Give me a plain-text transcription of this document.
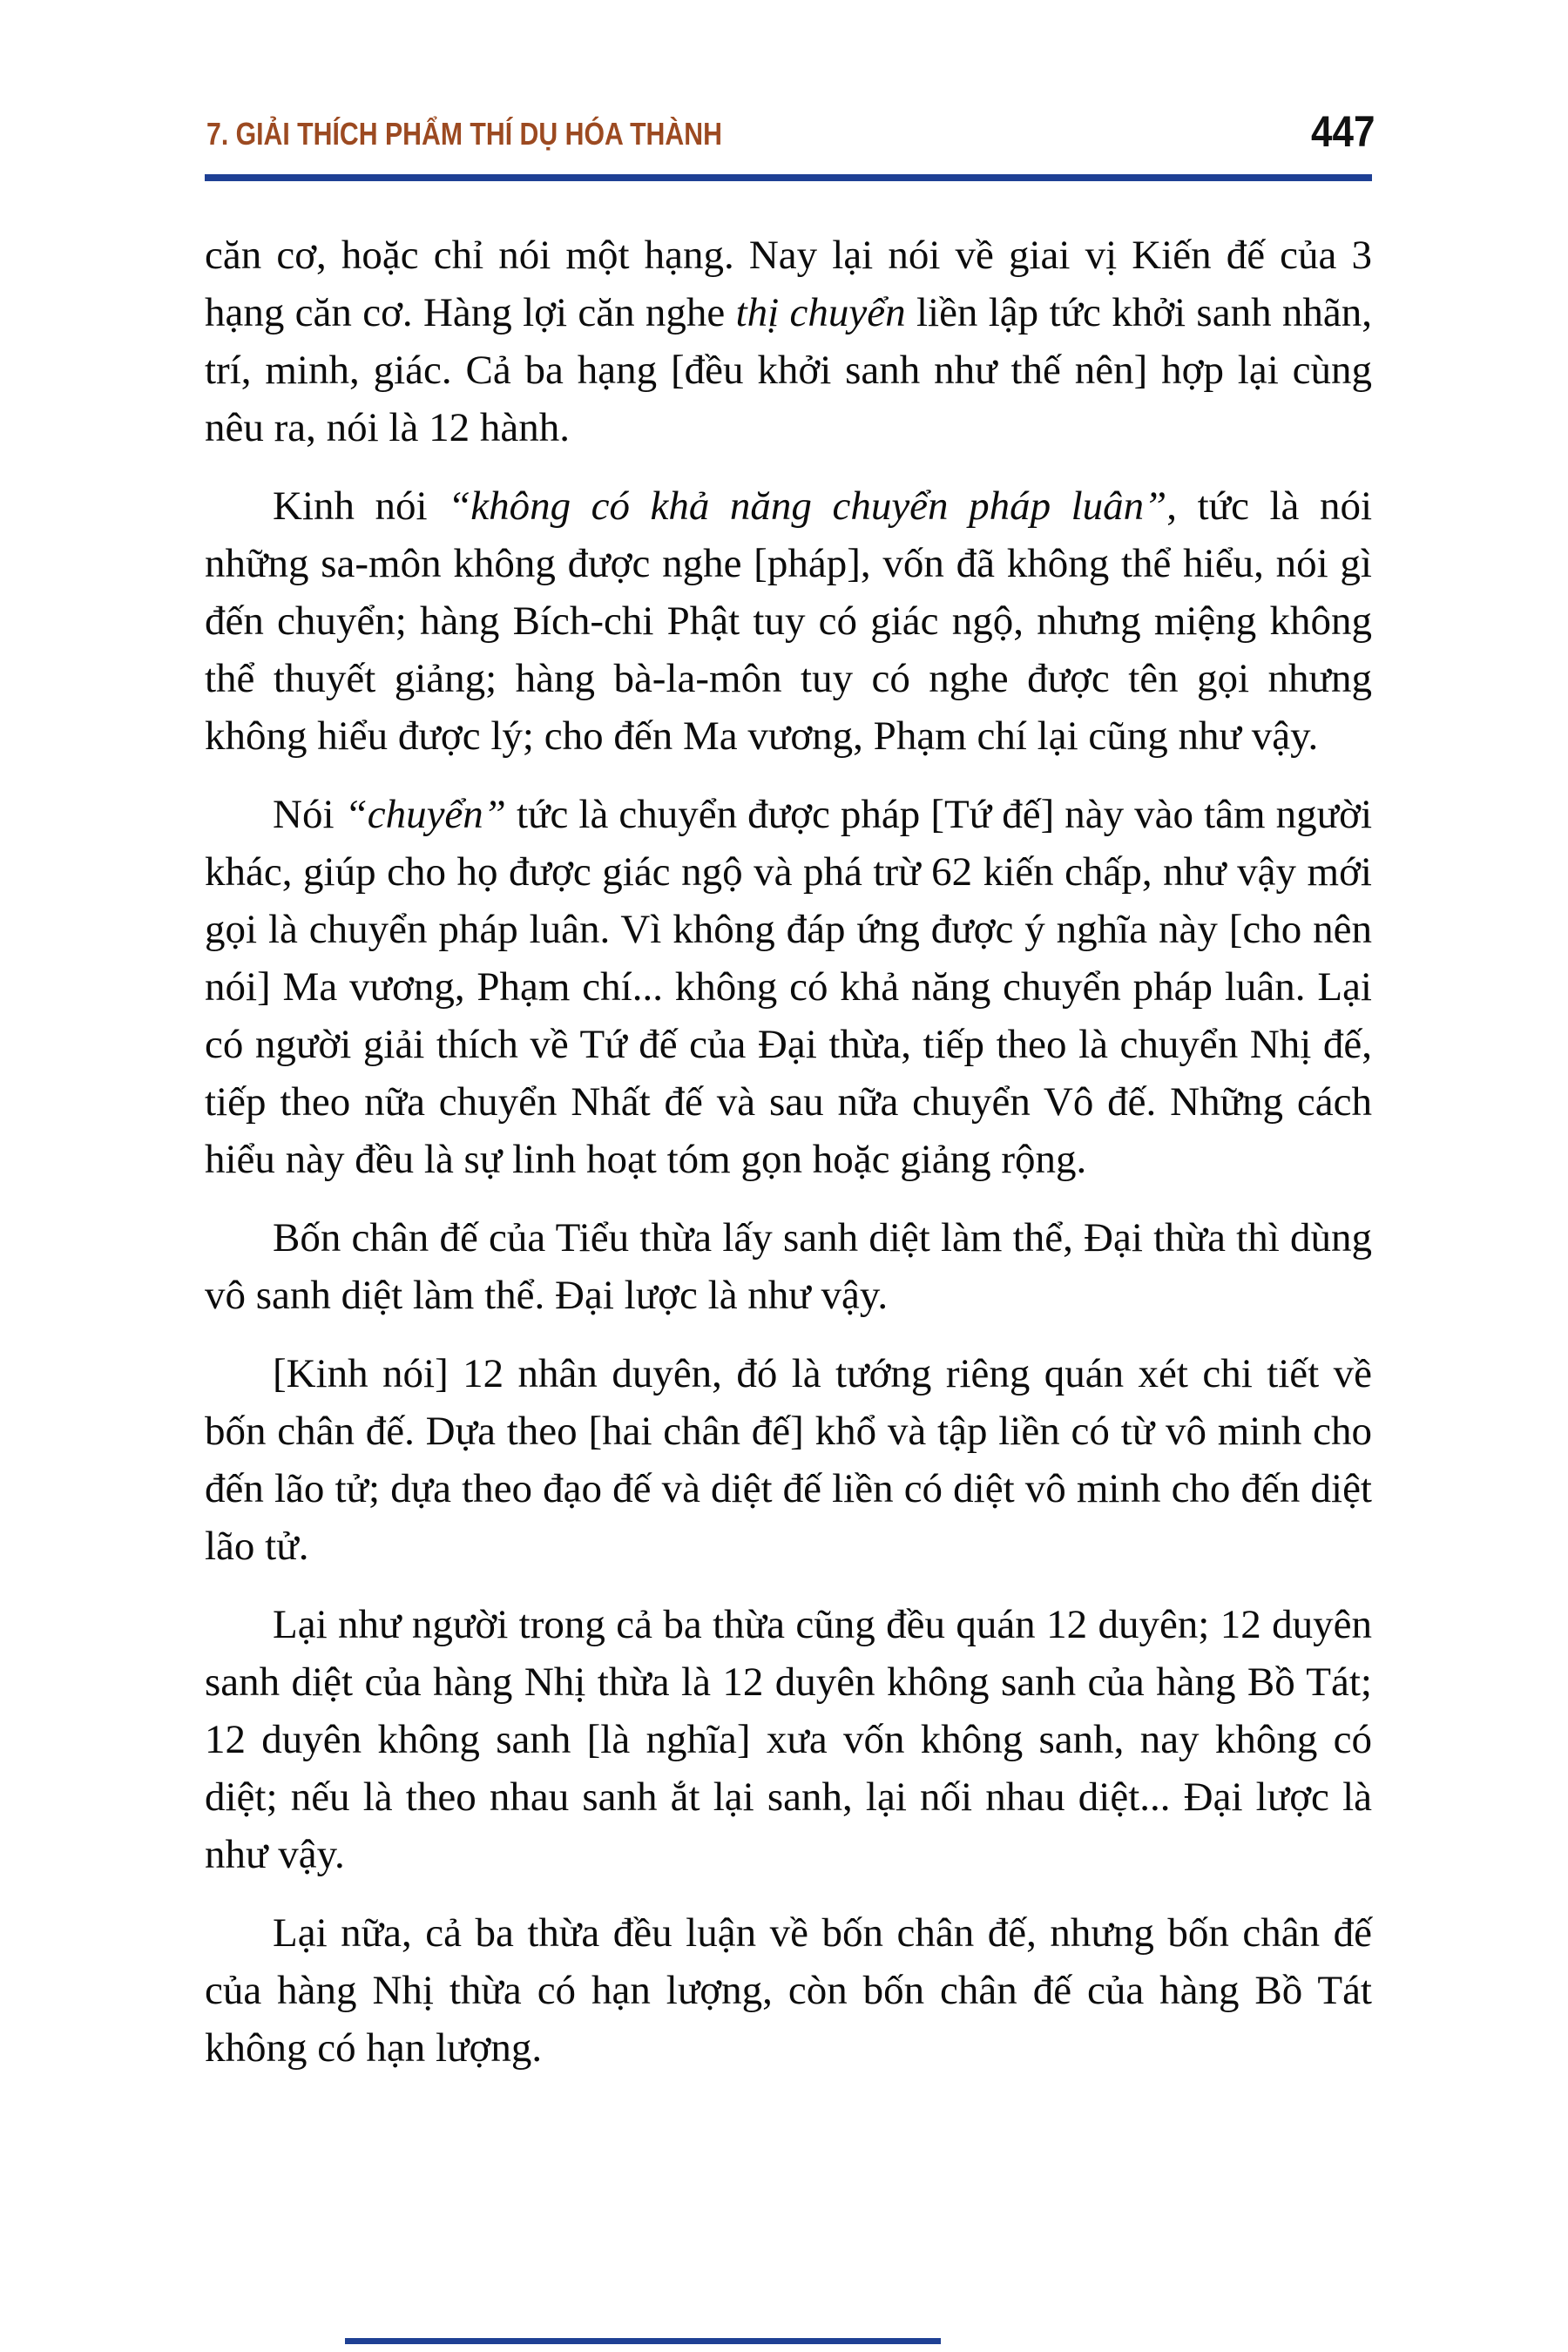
7. GIẢI THÍCH PHẨM THÍ DỤ HÓA THÀNH	447

căn cơ, hoặc chỉ nói một hạng. Nay lại nói về giai vị Kiến đế của 3 hạng căn cơ. Hàng lợi căn nghe thị chuyển liền lập tức khởi sanh nhãn, trí, minh, giác. Cả ba hạng [đều khởi sanh như thế nên] hợp lại cùng nêu ra, nói là 12 hành.

Kinh nói “không có khả năng chuyển pháp luân”, tức là nói những sa-môn không được nghe [pháp], vốn đã không thể hiểu, nói gì đến chuyển; hàng Bích-chi Phật tuy có giác ngộ, nhưng miệng không thể thuyết giảng; hàng bà-la-môn tuy có nghe được tên gọi nhưng không hiểu được lý; cho đến Ma vương, Phạm chí lại cũng như vậy.

Nói “chuyển” tức là chuyển được pháp [Tứ đế] này vào tâm người khác, giúp cho họ được giác ngộ và phá trừ 62 kiến chấp, như vậy mới gọi là chuyển pháp luân. Vì không đáp ứng được ý nghĩa này [cho nên nói] Ma vương, Phạm chí... không có khả năng chuyển pháp luân. Lại có người giải thích về Tứ đế của Đại thừa, tiếp theo là chuyển Nhị đế, tiếp theo nữa chuyển Nhất đế và sau nữa chuyển Vô đế. Những cách hiểu này đều là sự linh hoạt tóm gọn hoặc giảng rộng.

Bốn chân đế của Tiểu thừa lấy sanh diệt làm thể, Đại thừa thì dùng vô sanh diệt làm thể. Đại lược là như vậy.

[Kinh nói] 12 nhân duyên, đó là tướng riêng quán xét chi tiết về bốn chân đế. Dựa theo [hai chân đế] khổ và tập liền có từ vô minh cho đến lão tử; dựa theo đạo đế và diệt đế liền có diệt vô minh cho đến diệt lão tử.

Lại như người trong cả ba thừa cũng đều quán 12 duyên; 12 duyên sanh diệt của hàng Nhị thừa là 12 duyên không sanh của hàng Bồ Tát; 12 duyên không sanh [là nghĩa] xưa vốn không sanh, nay không có diệt; nếu là theo nhau sanh ắt lại sanh, lại nối nhau diệt... Đại lược là như vậy.

Lại nữa, cả ba thừa đều luận về bốn chân đế, nhưng bốn chân đế của hàng Nhị thừa có hạn lượng, còn bốn chân đế của hàng Bồ Tát không có hạn lượng.
